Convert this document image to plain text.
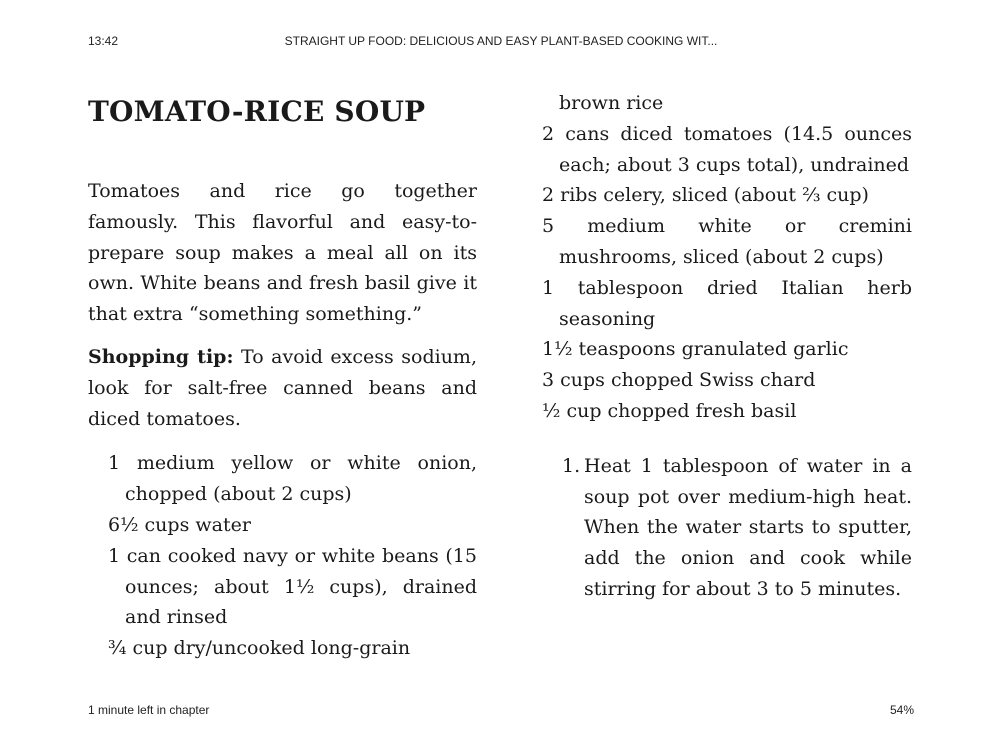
13:42	STRAIGHT UP FOOD: DELICIOUS AND EASY PLANT-BASED COOKING WIT...
TOMATO-RICE SOUP

Tomatoes and rice go together famously. This flavorful and easy-to-prepare soup makes a meal all on its own. White beans and fresh basil give it that extra “something something.”

Shopping tip: To avoid excess sodium, look for salt-free canned beans and diced tomatoes.

1 medium yellow or white onion, chopped (about 2 cups)
6½ cups water
1 can cooked navy or white beans (15 ounces; about 1½ cups), drained and rinsed
¾ cup dry/uncooked long-grain
brown rice
2 cans diced tomatoes (14.5 ounces each; about 3 cups total), undrained
2 ribs celery, sliced (about ⅔ cup)
5 medium white or cremini mushrooms, sliced (about 2 cups)
1 tablespoon dried Italian herb seasoning
1½ teaspoons granulated garlic
3 cups chopped Swiss chard
½ cup chopped fresh basil
1. Heat 1 tablespoon of water in a soup pot over medium-high heat. When the water starts to sputter, add the onion and cook while stirring for about 3 to 5 minutes.
1 minute left in chapter	54%
